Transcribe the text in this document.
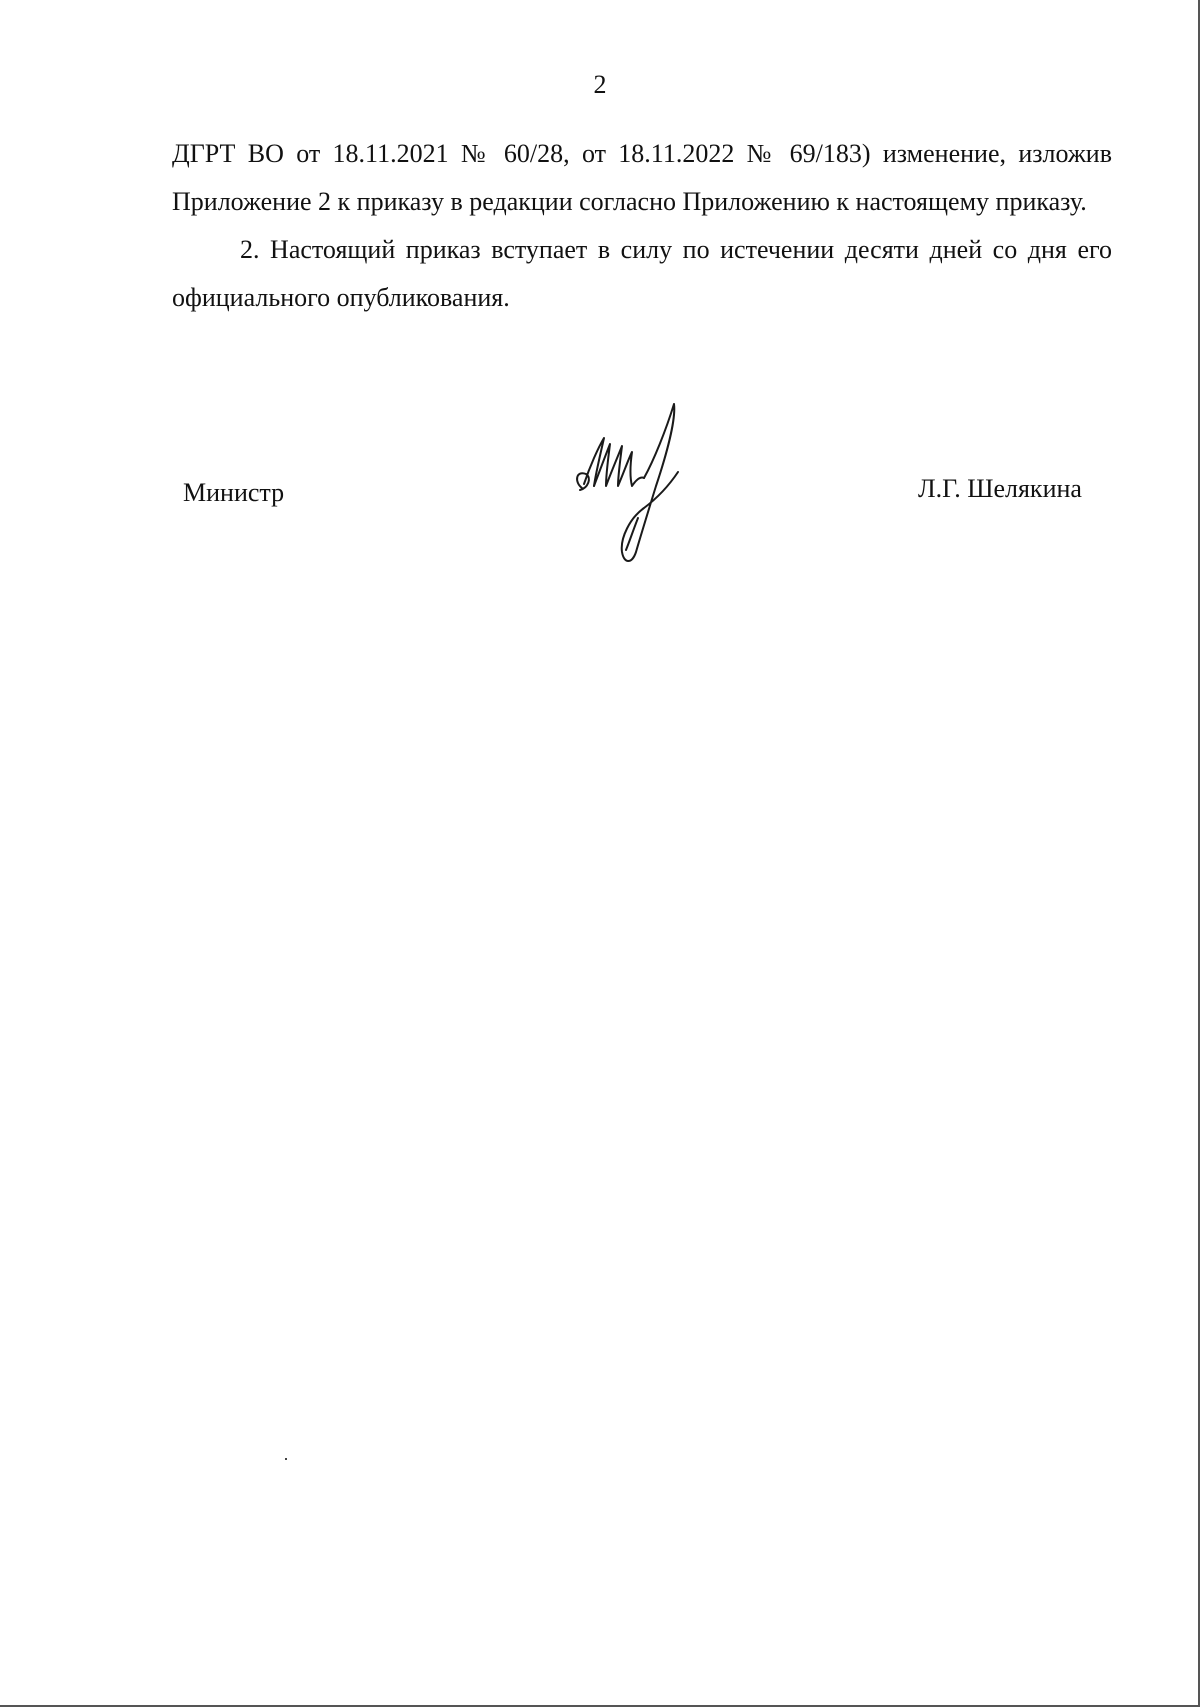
2

ДГРТ ВО от 18.11.2021 № 60/28, от 18.11.2022 № 69/183) изменение, изложив Приложение 2 к приказу в редакции согласно Приложению к настоящему приказу.

2. Настоящий приказ вступает в силу по истечении десяти дней со дня его официального опубликования.

Министр	Л.Г. Шелякина
